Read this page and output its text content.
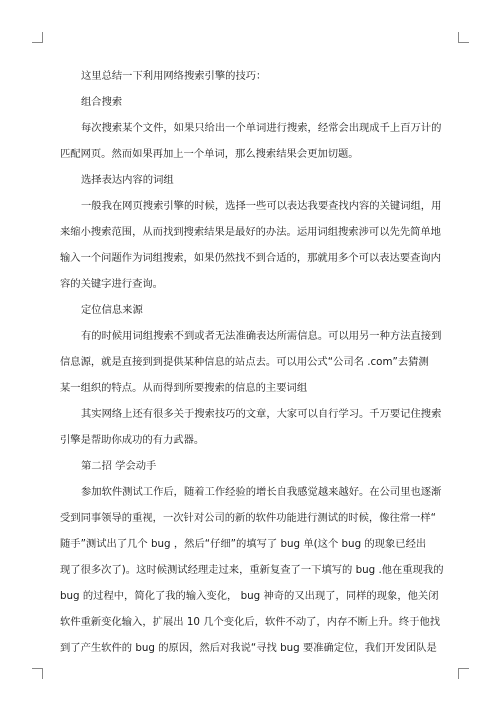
这里总结一下利用网络搜索引擎的技巧：

组合搜索

每次搜索某个文件，如果只给出一个单词进行搜索，经常会出现成千上百万计的

匹配网页。然而如果再加上一个单词，那么搜索结果会更加切题。

选择表达内容的词组

一般我在网页搜索引擎的时候，选择一些可以表达我要查找内容的关键词组，用

来缩小搜索范围，从而找到搜索结果是最好的办法。运用词组搜索涉可以先先简单地

输入一个问题作为词组搜索，如果仍然找不到合适的，那就用多个可以表达要查询内

容的关键字进行查询。

定位信息来源

有的时候用词组搜索不到或者无法准确表达所需信息。可以用另一种方法直接到

信息源，就是直接到到提供某种信息的站点去。可以用公式“公司名 .com”去猜测

某一组织的特点。从而得到所要搜索的信息的主要词组

其实网络上还有很多关于搜索技巧的文章，大家可以自行学习。千万要记住搜索

引擎是帮助你成功的有力武器。

第二招 学会动手

参加软件测试工作后，随着工作经验的增长自我感觉越来越好。在公司里也逐渐

受到同事领导的重视，一次针对公司的新的软件功能进行测试的时候，像往常一样“

随手”测试出了几个 bug ，然后“仔细”的填写了 bug 单(这个 bug 的现象已经出

现了很多次了)。这时候测试经理走过来，重新复查了一下填写的 bug .他在重现我的

bug 的过程中，简化了我的输入变化， bug 神奇的又出现了，同样的现象，他关闭

软件重新变化输入，扩展出 10 几个变化后，软件不动了，内存不断上升。终于他找

到了产生软件的 bug 的原因，然后对我说“寻找 bug 要准确定位，我们开发团队是
